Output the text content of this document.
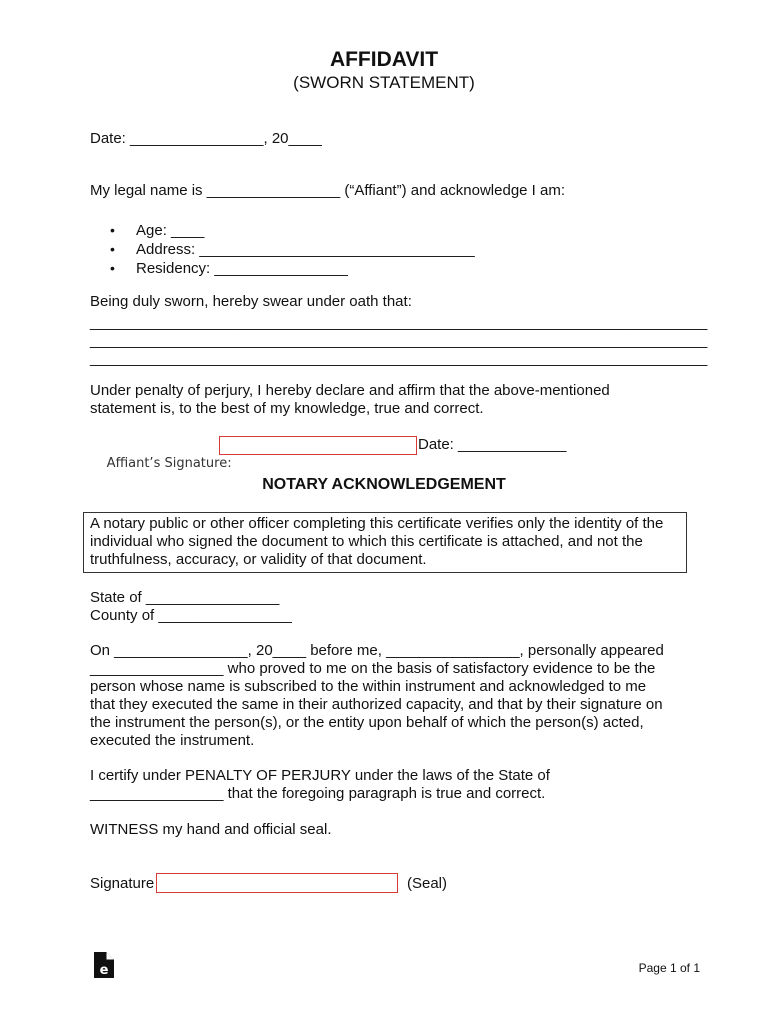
AFFIDAVIT
(SWORN STATEMENT)
Date: ________________, 20____
My legal name is ________________ (“Affiant”) and acknowledge I am:
• Age: ____
• Address: _________________________________
• Residency: ________________
Being duly sworn, hereby swear under oath that:
__________________________________________________________________________
__________________________________________________________________________
__________________________________________________________________________
Under penalty of perjury, I hereby declare and affirm that the above-mentioned
statement is, to the best of my knowledge, true and correct.

Affiant’s Signature:

Date: _____________
NOTARY ACKNOWLEDGEMENT
A notary public or other officer completing this certificate verifies only the identity of the
individual who signed the document to which this certificate is attached, and not the
truthfulness, accuracy, or validity of that document.
State of ________________
County of ________________
On ________________, 20____ before me, ________________, personally appeared
________________ who proved to me on the basis of satisfactory evidence to be the
person whose name is subscribed to the within instrument and acknowledged to me
that they executed the same in their authorized capacity, and that by their signature on
the instrument the person(s), or the entity upon behalf of which the person(s) acted,
executed the instrument.
I certify under PENALTY OF PERJURY under the laws of the State of
________________ that the foregoing paragraph is true and correct.
WITNESS my hand and official seal.
Signature	(Seal)
e	Page 1 of 1
